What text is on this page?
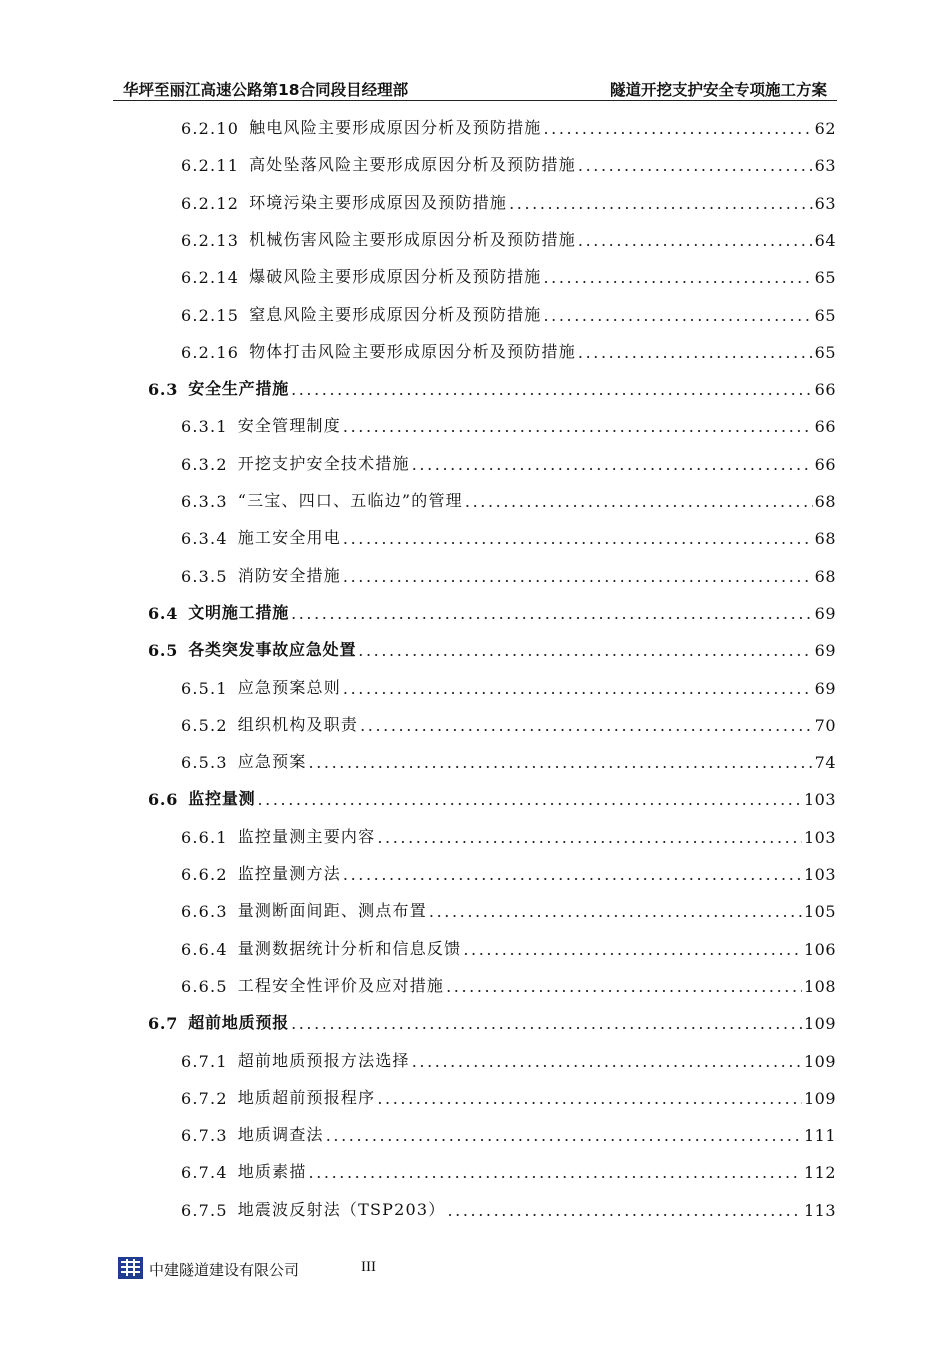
华坪至丽江高速公路第18合同段目经理部	隧道开挖支护安全专项施工方案
6.2.10 触电风险主要形成原因分析及预防措施 .....	62
6.2.11 高处坠落风险主要形成原因分析及预防措施 .....	63
6.2.12 环境污染主要形成原因及预防措施 .....	63
6.2.13 机械伤害风险主要形成原因分析及预防措施 .....	64
6.2.14 爆破风险主要形成原因分析及预防措施 .....	65
6.2.15 窒息风险主要形成原因分析及预防措施 .....	65
6.2.16 物体打击风险主要形成原因分析及预防措施 .....	65
6.3 安全生产措施 .....	66
6.3.1 安全管理制度 .....	66
6.3.2 开挖支护安全技术措施 .....	66
6.3.3 “三宝、四口、五临边”的管理 .....	68
6.3.4 施工安全用电 .....	68
6.3.5 消防安全措施 .....	68
6.4 文明施工措施 .....	69
6.5 各类突发事故应急处置 .....	69
6.5.1 应急预案总则 .....	69
6.5.2 组织机构及职责 .....	70
6.5.3 应急预案 .....	74
6.6 监控量测 .....	103
6.6.1 监控量测主要内容 .....	103
6.6.2 监控量测方法 .....	103
6.6.3 量测断面间距、测点布置 .....	105
6.6.4 量测数据统计分析和信息反馈 .....	106
6.6.5 工程安全性评价及应对措施 .....	108
6.7 超前地质预报 .....	109
6.7.1 超前地质预报方法选择 .....	109
6.7.2 地质超前预报程序 .....	109
6.7.3 地质调查法 .....	111
6.7.4 地质素描 .....	112
6.7.5 地震波反射法（TSP203） .....	113
中建隧道建设有限公司	III
